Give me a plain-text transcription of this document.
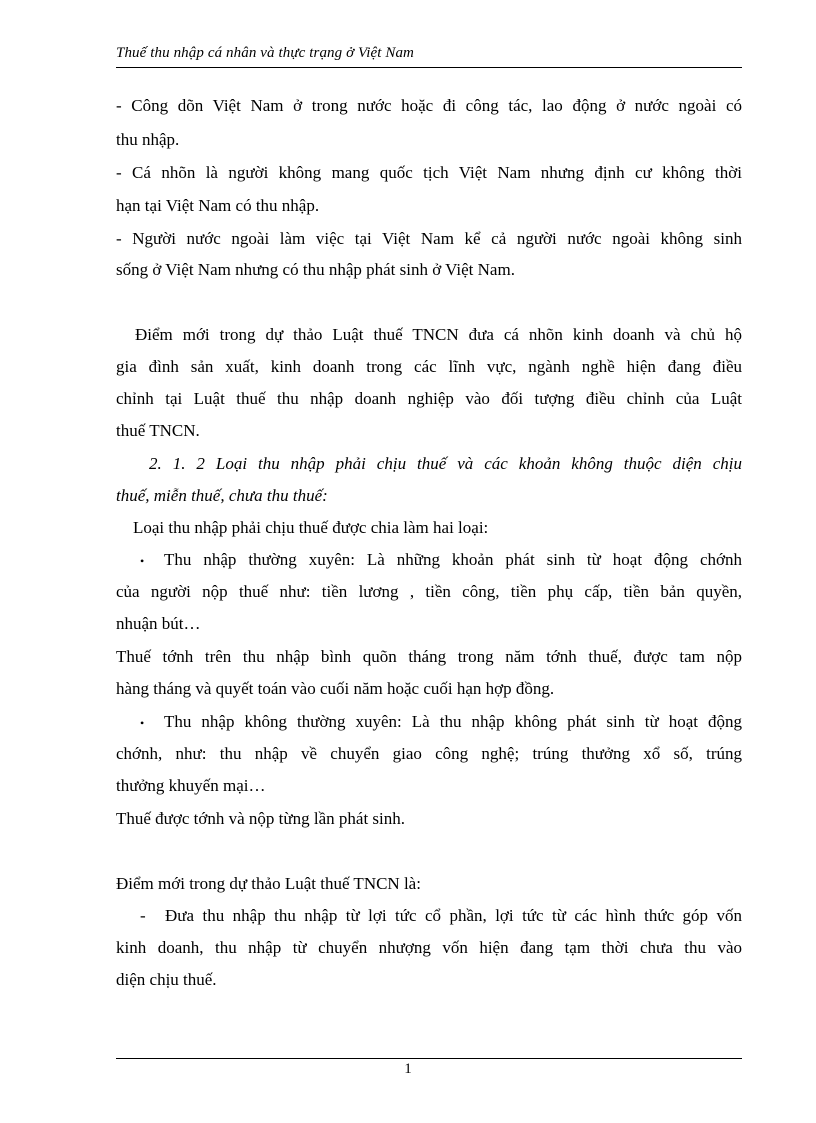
Thuế thu nhập cá nhân và thực trạng ở Việt Nam
- Công dõn Việt Nam ở trong nước hoặc đi công tác, lao động ở nước ngoài có
thu nhập.
- Cá nhõn là người không mang quốc tịch Việt Nam nhưng định cư không thời
hạn tại Việt Nam có thu nhập.
- Người nước ngoài làm việc tại Việt Nam kể cả người nước ngoài không sinh
sống ở Việt Nam nhưng có thu nhập phát sinh ở Việt Nam.
Điểm mới trong dự thảo Luật thuế TNCN đưa cá nhõn kinh doanh và chủ hộ
gia đình sản xuất, kinh doanh trong các lĩnh vực, ngành nghề hiện đang điều
chỉnh tại Luật thuế thu nhập doanh nghiệp vào đối tượng điều chỉnh của Luật
thuế TNCN.
2. 1. 2 Loại thu nhập phải chịu thuế và các khoản không thuộc diện chịu
thuế, miễn thuế, chưa thu thuế:
Loại thu nhập phải chịu thuế được chia làm hai loại:
• Thu nhập thường xuyên: Là những khoản phát sinh từ hoạt động chớnh
của người nộp thuế như: tiền lương , tiền công, tiền phụ cấp, tiền bản quyền,
nhuận bút…
Thuế tớnh trên thu nhập bình quõn tháng trong năm tớnh thuế, được tam nộp
hàng tháng và quyết toán vào cuối năm hoặc cuối hạn hợp đồng.
• Thu nhập không thường xuyên: Là thu nhập không phát sinh từ hoạt động
chớnh, như: thu nhập về chuyển giao công nghệ; trúng thưởng xổ số, trúng
thưởng khuyến mại…
Thuế được tớnh và nộp từng lần phát sinh.
Điểm mới trong dự thảo Luật thuế TNCN là:
- Đưa thu nhập thu nhập từ lợi tức cổ phần, lợi tức từ các hình thức góp vốn
kinh doanh, thu nhập từ chuyển nhượng vốn hiện đang tạm thời chưa thu vào
diện chịu thuế.
1
